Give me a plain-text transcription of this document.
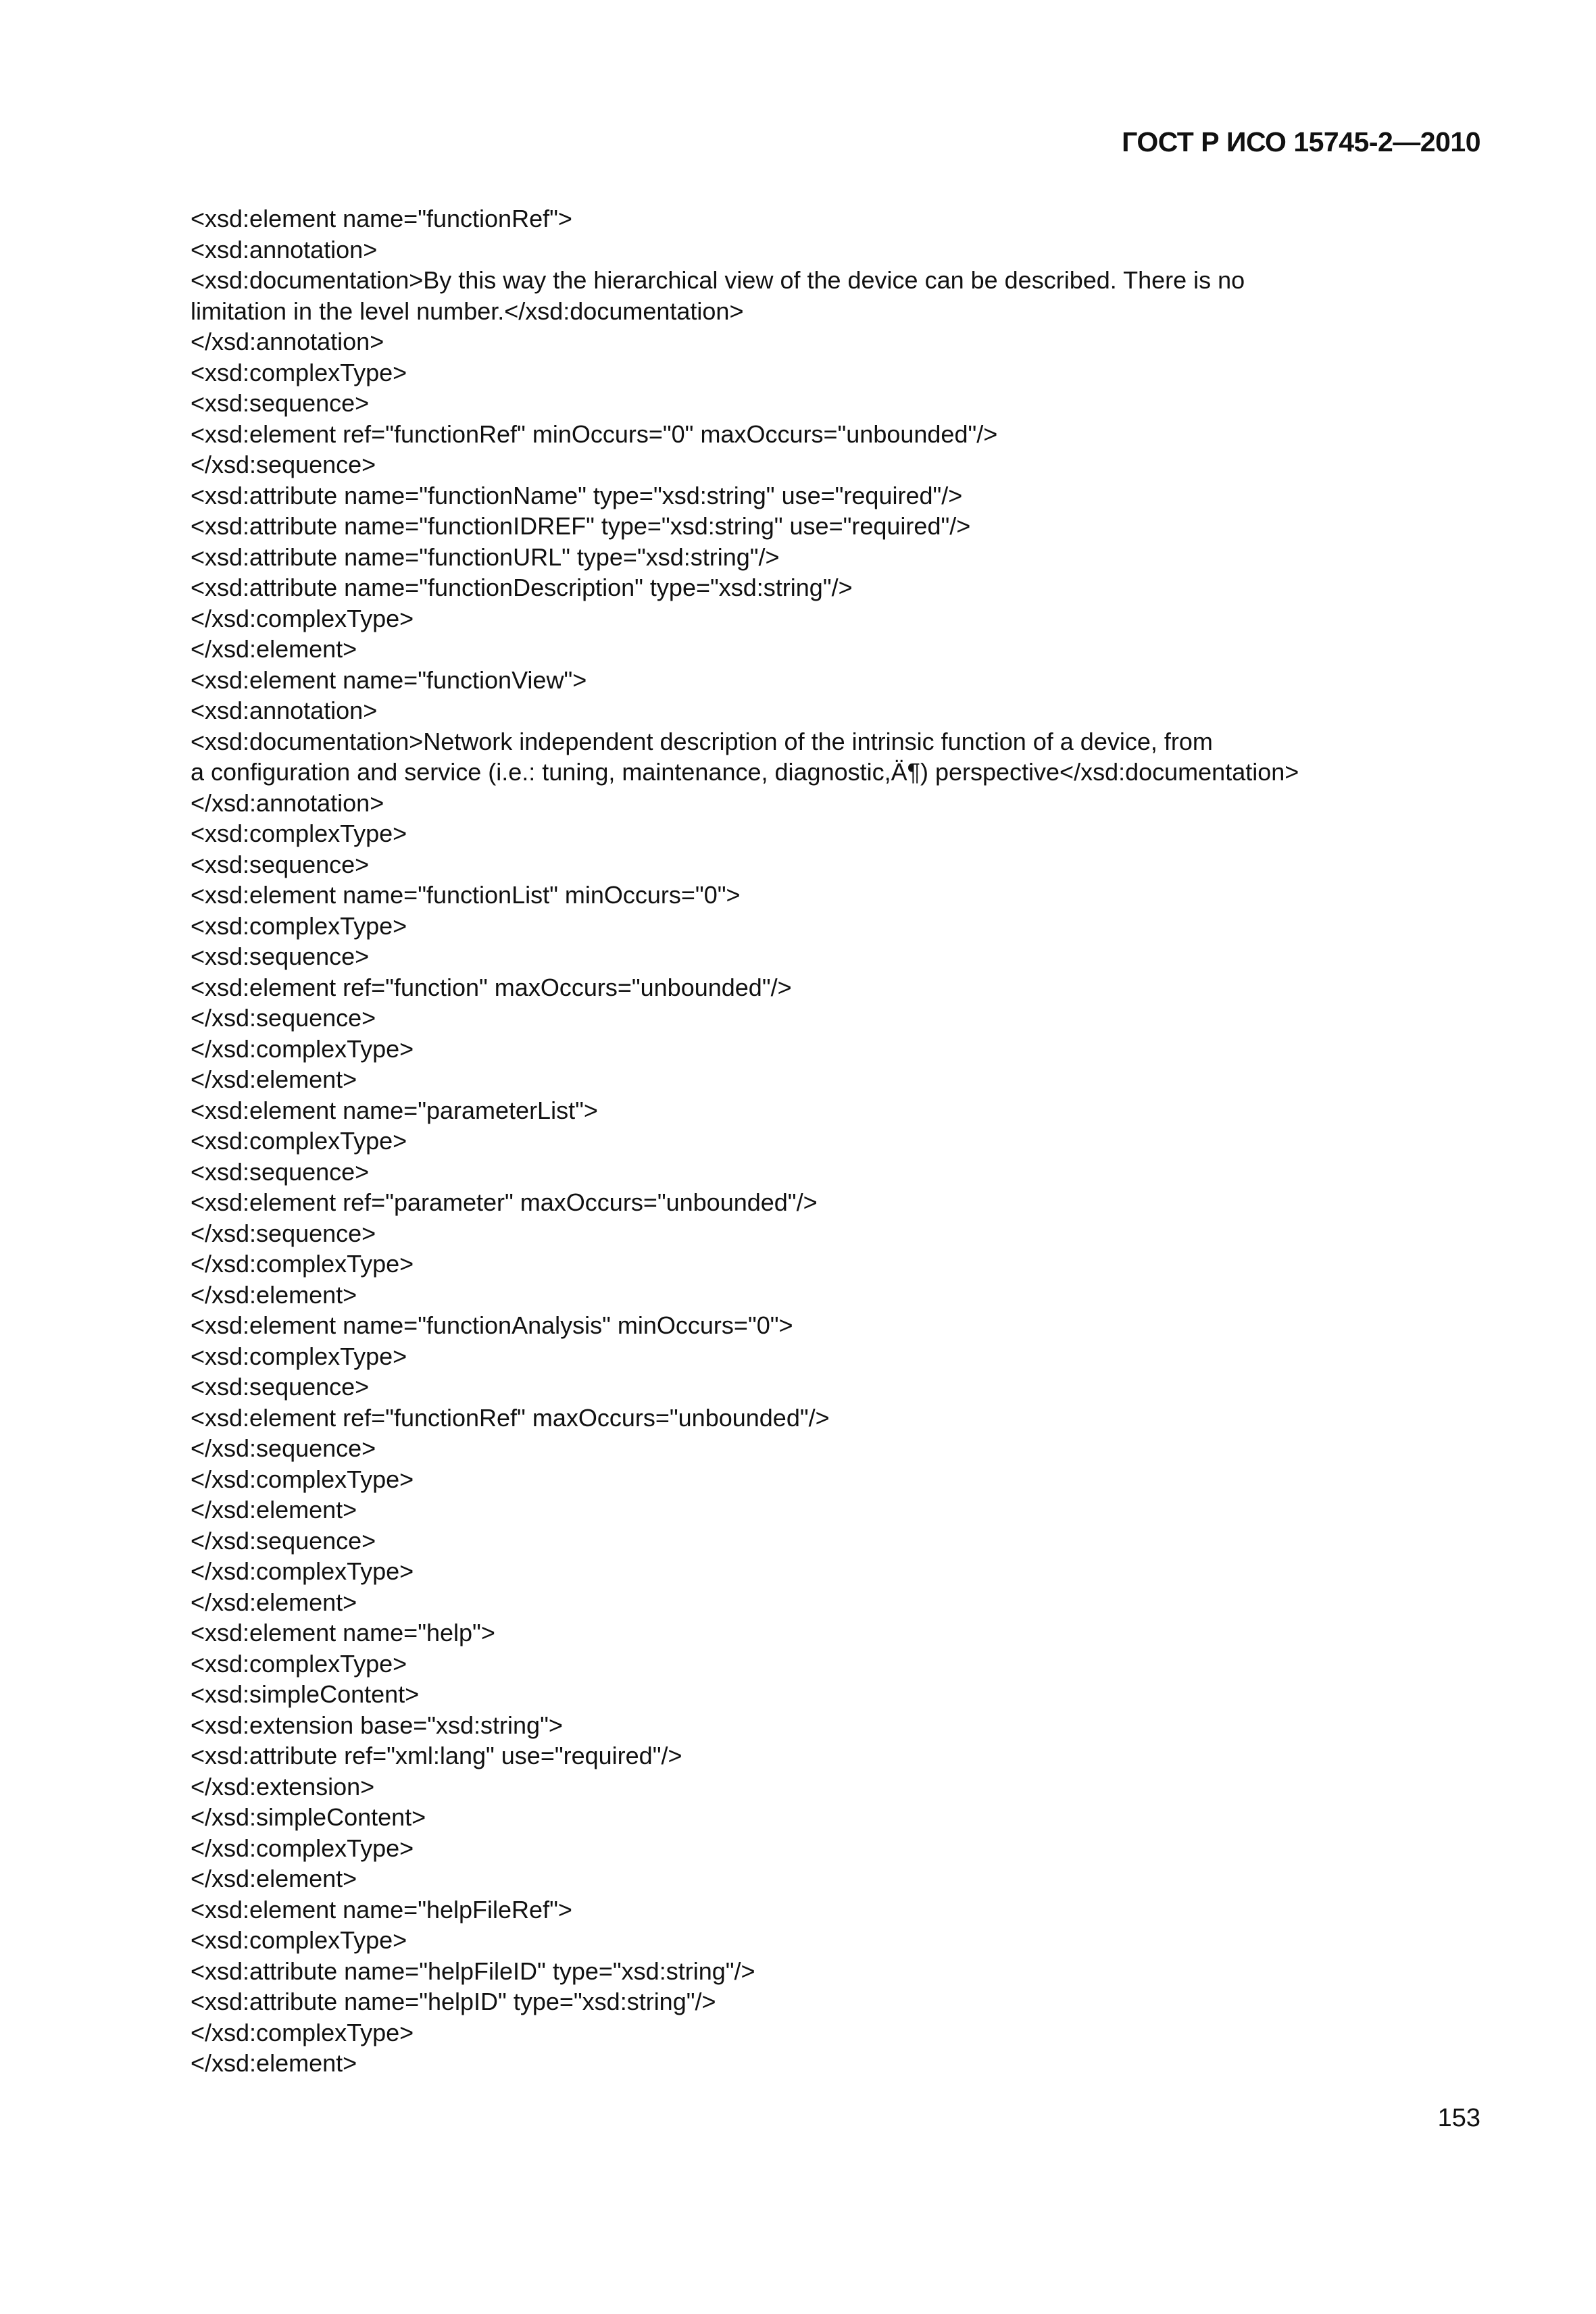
ГОСТ Р ИСО 15745-2—2010
<xsd:element name="functionRef">
<xsd:annotation>
<xsd:documentation>By this way the hierarchical view of the device can be described. There is no
limitation in the level number.</xsd:documentation>
</xsd:annotation>
<xsd:complexType>
<xsd:sequence>
<xsd:element ref="functionRef" minOccurs="0" maxOccurs="unbounded"/>
</xsd:sequence>
<xsd:attribute name="functionName" type="xsd:string" use="required"/>
<xsd:attribute name="functionIDREF" type="xsd:string" use="required"/>
<xsd:attribute name="functionURL" type="xsd:string"/>
<xsd:attribute name="functionDescription" type="xsd:string"/>
</xsd:complexType>
</xsd:element>
<xsd:element name="functionView">
<xsd:annotation>
<xsd:documentation>Network independent description of the intrinsic function of a device, from
a configuration and service (i.e.: tuning, maintenance, diagnostic,Ä¶) perspective</xsd:documentation>
</xsd:annotation>
<xsd:complexType>
<xsd:sequence>
<xsd:element name="functionList" minOccurs="0">
<xsd:complexType>
<xsd:sequence>
<xsd:element ref="function" maxOccurs="unbounded"/>
</xsd:sequence>
</xsd:complexType>
</xsd:element>
<xsd:element name="parameterList">
<xsd:complexType>
<xsd:sequence>
<xsd:element ref="parameter" maxOccurs="unbounded"/>
</xsd:sequence>
</xsd:complexType>
</xsd:element>
<xsd:element name="functionAnalysis" minOccurs="0">
<xsd:complexType>
<xsd:sequence>
<xsd:element ref="functionRef" maxOccurs="unbounded"/>
</xsd:sequence>
</xsd:complexType>
</xsd:element>
</xsd:sequence>
</xsd:complexType>
</xsd:element>
<xsd:element name="help">
<xsd:complexType>
<xsd:simpleContent>
<xsd:extension base="xsd:string">
<xsd:attribute ref="xml:lang" use="required"/>
</xsd:extension>
</xsd:simpleContent>
</xsd:complexType>
</xsd:element>
<xsd:element name="helpFileRef">
<xsd:complexType>
<xsd:attribute name="helpFileID" type="xsd:string"/>
<xsd:attribute name="helpID" type="xsd:string"/>
</xsd:complexType>
</xsd:element>
153
